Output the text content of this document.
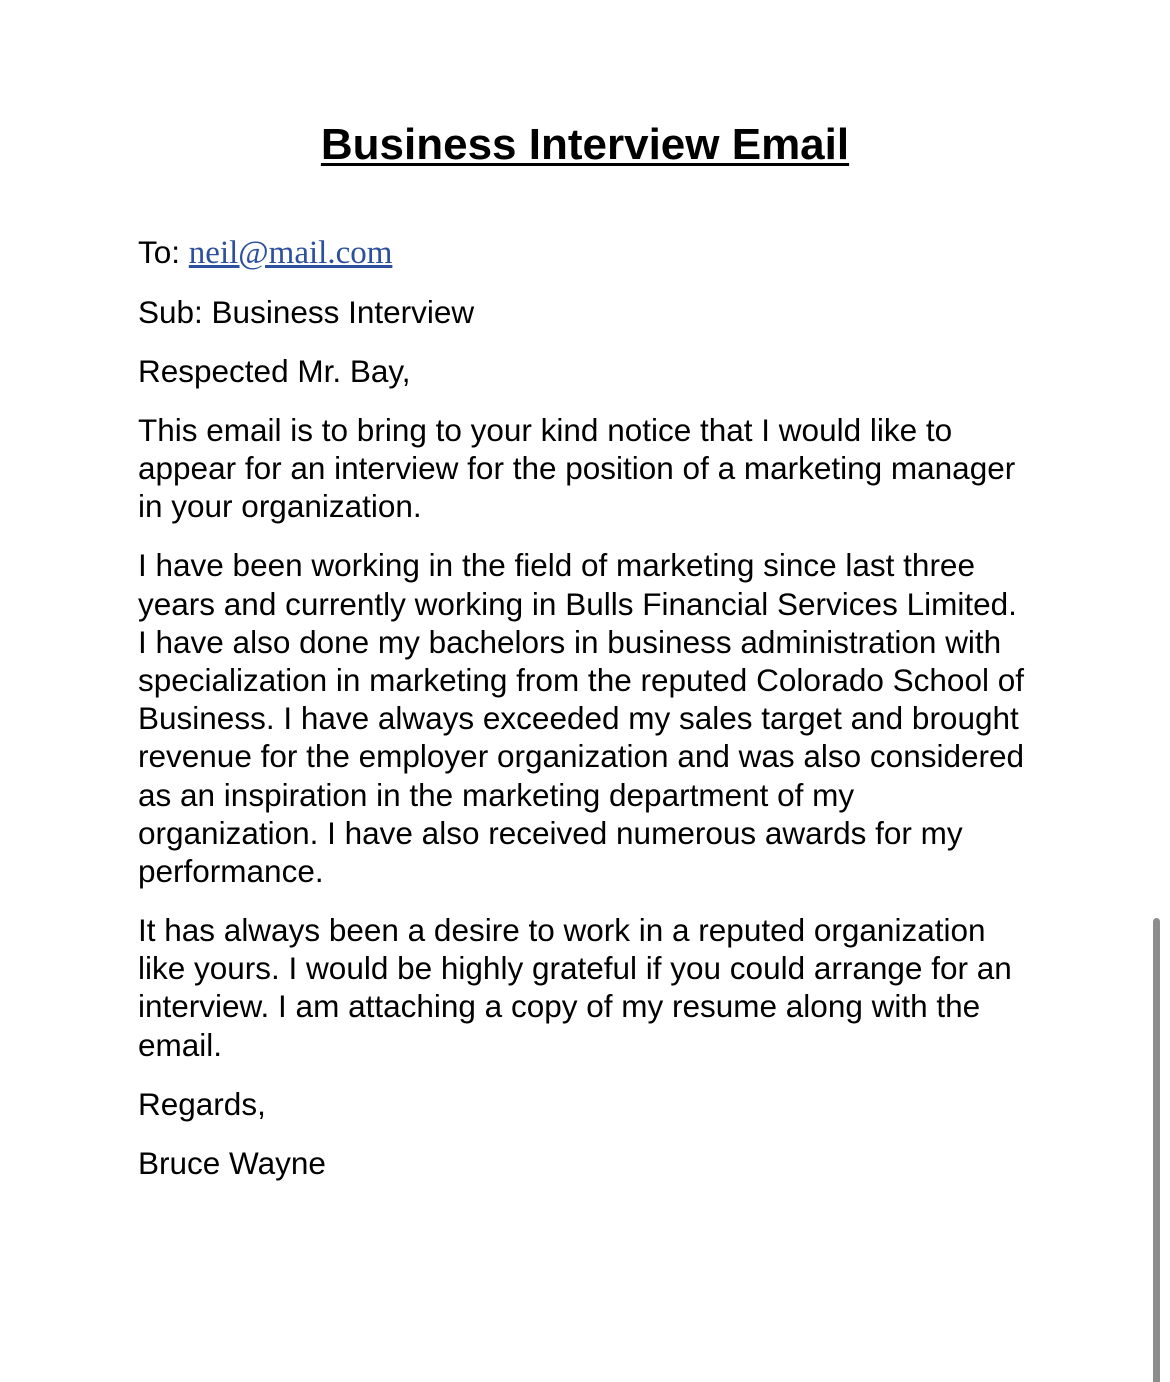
Business Interview Email

To: neil@mail.com

Sub: Business Interview

Respected Mr. Bay,

This email is to bring to your kind notice that I would like to appear for an interview for the position of a marketing manager in your organization.

I have been working in the field of marketing since last three years and currently working in Bulls Financial Services Limited. I have also done my bachelors in business administration with specialization in marketing from the reputed Colorado School of Business. I have always exceeded my sales target and brought revenue for the employer organization and was also considered as an inspiration in the marketing department of my organization. I have also received numerous awards for my performance.

It has always been a desire to work in a reputed organization like yours. I would be highly grateful if you could arrange for an interview. I am attaching a copy of my resume along with the email.

Regards,

Bruce Wayne
